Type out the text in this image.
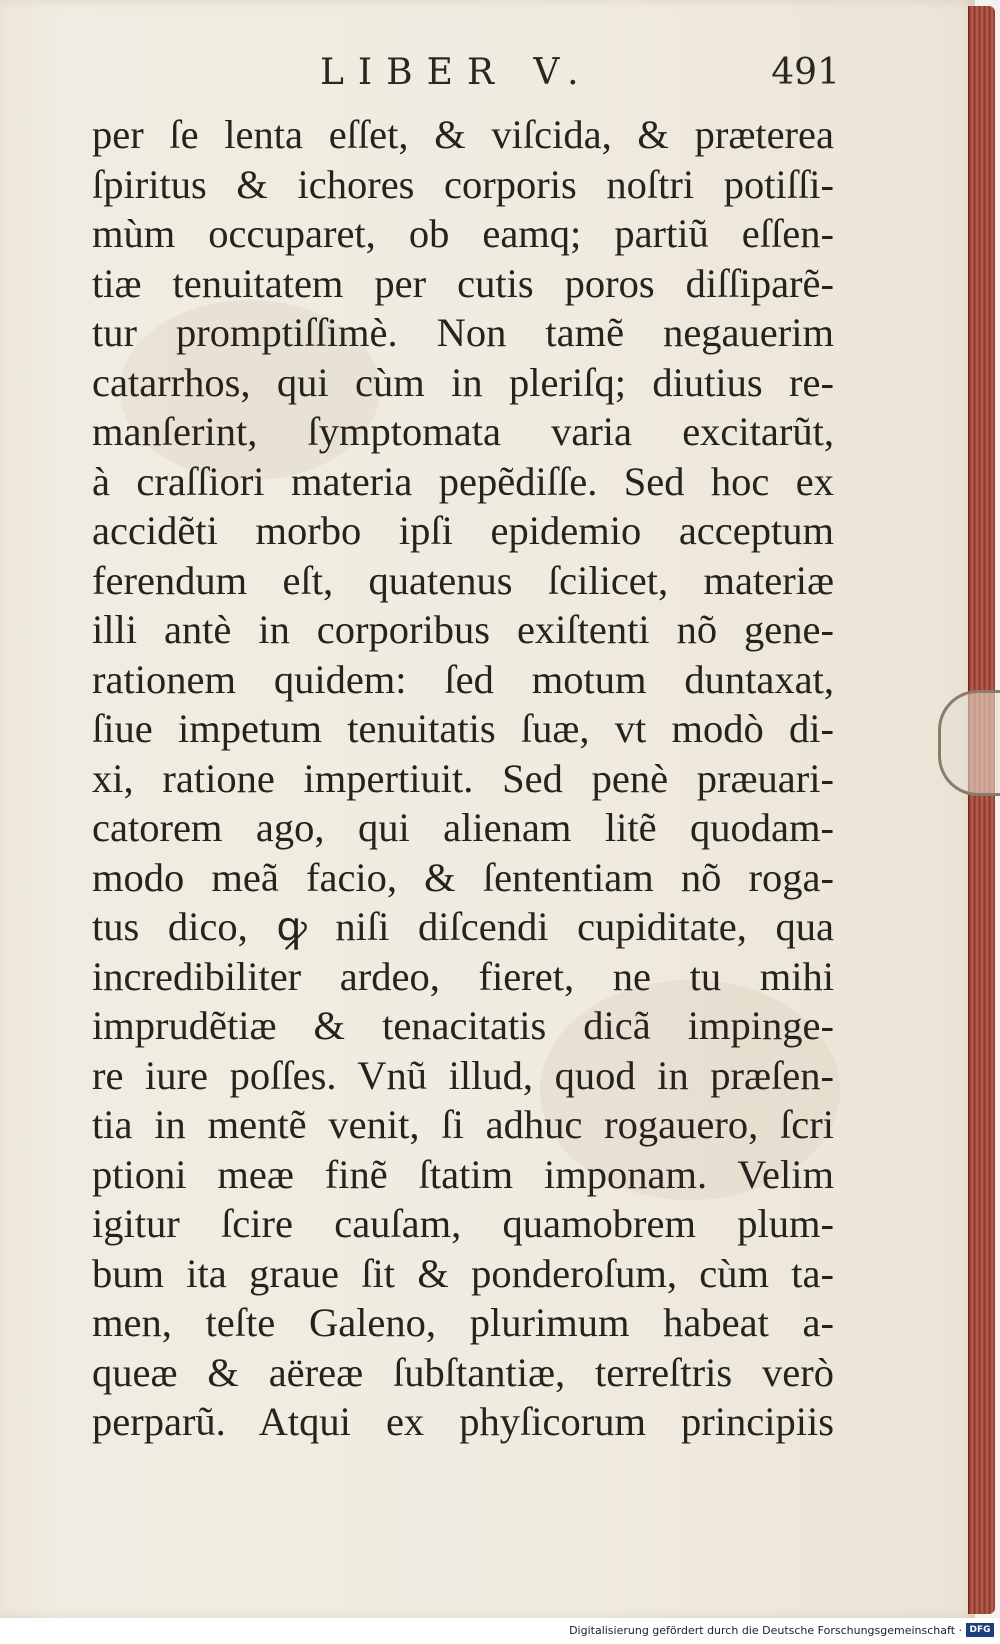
LIBER V.	491
per ſe lenta eſſet, & viſcida, & prӕterea
ſpiritus & ichores corporis noſtri potiſſi-
mùm occuparet, ob eamq; partiũ eſſen-
tiӕ tenuitatem per cutis poros diſſiparẽ-
tur promptiſſimè. Non tamẽ negauerim
catarrhos, qui cùm in pleriſq; diutius re-
manſerint, ſymptomata varia excitarũt,
à craſſiori materia pepẽdiſſe. Sed hoc ex
accidẽti morbo ipſi epidemio acceptum
ferendum eſt, quatenus ſcilicet, materiӕ
illi antè in corporibus exiſtenti nõ gene-
rationem quidem: ſed motum duntaxat,
ſiue impetum tenuitatis ſuӕ, vt modò di-
xi, ratione impertiuit. Sed penè prӕuari-
catorem ago, qui alienam litẽ quodam-
modo meã facio, & ſententiam nõ roga-
tus dico, ꝙ niſi diſcendi cupiditate, qua
incredibiliter ardeo, fieret, ne tu mihi
imprudẽtiӕ & tenacitatis dicã impinge-
re iure poſſes. Vnũ illud, quod in prӕſen-
tia in mentẽ venit, ſi adhuc rogauero, ſcri
ptioni meӕ finẽ ſtatim imponam. Velim
igitur ſcire cauſam, quamobrem plum-
bum ita graue ſit & ponderoſum, cùm ta-
men, teſte Galeno, plurimum habeat a-
queӕ & aërеӕ ſubſtantiӕ, terreſtris verò
perparũ. Atqui ex phyſicorum principiis
Digitalisierung gefördert durch die Deutsche Forschungsgemeinschaft · DFG
